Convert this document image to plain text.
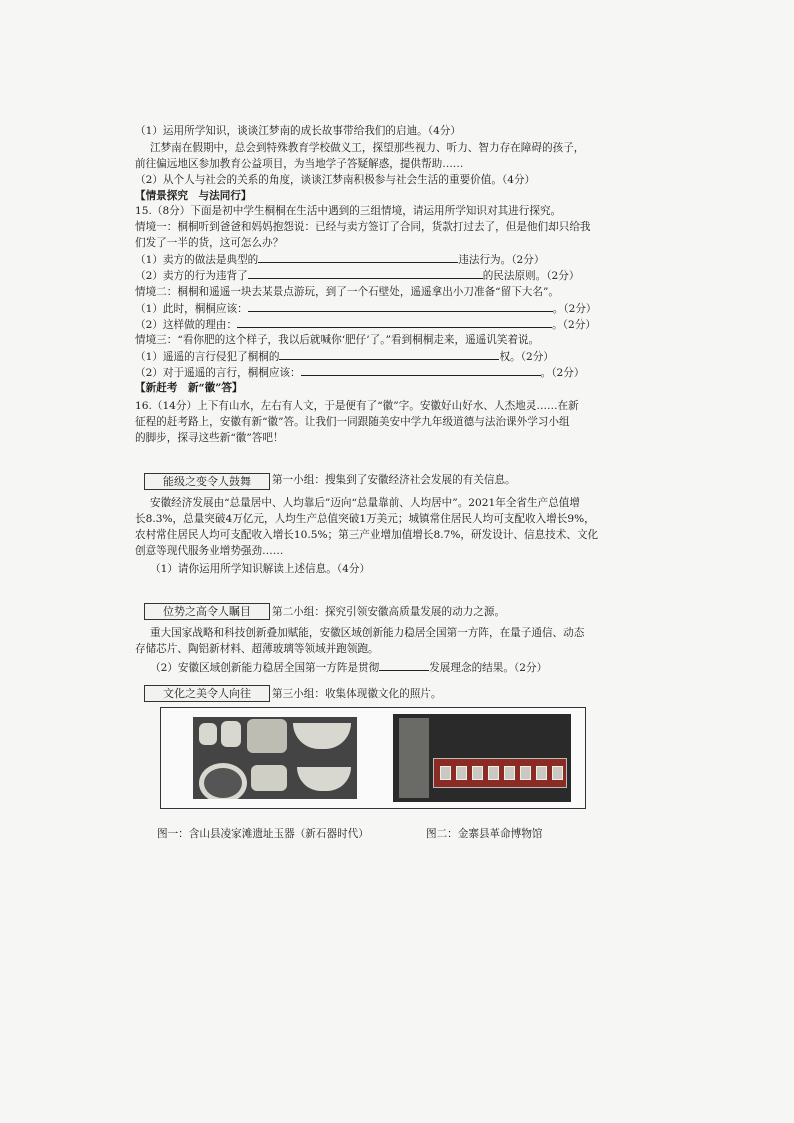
（1）运用所学知识，谈谈江梦南的成长故事带给我们的启迪。（4分）
江梦南在假期中，总会到特殊教育学校做义工，探望那些视力、听力、智力存在障碍的孩子，
前往偏远地区参加教育公益项目，为当地学子答疑解惑，提供帮助……
（2）从个人与社会的关系的角度，谈谈江梦南积极参与社会生活的重要价值。（4分）
【情景探究　与法同行】
15.（8分）下面是初中学生桐桐在生活中遇到的三组情境，请运用所学知识对其进行探究。
情境一：桐桐听到爸爸和妈妈抱怨说：已经与卖方签订了合同，货款打过去了，但是他们却只给我
们发了一半的货，这可怎么办？
（1）卖方的做法是典型的	违法行为。（2分）
（2）卖方的行为违背了	的民法原则。（2分）
情境二：桐桐和遥遥一块去某景点游玩，到了一个石壁处，遥遥拿出小刀准备“留下大名”。
（1）此时，桐桐应该：	。（2分）
（2）这样做的理由：	。（2分）
情境三：“看你肥的这个样子，我以后就喊你‘肥仔’了。”看到桐桐走来，遥遥讥笑着说。
（1）遥遥的言行侵犯了桐桐的	权。（2分）
（2）对于遥遥的言行，桐桐应该：	。（2分）
【新赶考　新“徽”答】
16.（14分）上下有山水，左右有人文，于是便有了“徽”字。安徽好山好水、人杰地灵……在新
征程的赶考路上，安徽有新“徽”答。让我们一同跟随美安中学九年级道德与法治课外学习小组
的脚步，探寻这些新“徽”答吧！
能级之变令人鼓舞	第一小组：搜集到了安徽经济社会发展的有关信息。
安徽经济发展由“总量居中、人均靠后”迈向“总量靠前、人均居中”。2021年全省生产总值增
长8.3%，总量突破4万亿元，人均生产总值突破1万美元；城镇常住居民人均可支配收入增长9%，
农村常住居民人均可支配收入增长10.5%；第三产业增加值增长8.7%，研发设计、信息技术、文化
创意等现代服务业增势强劲……
（1）请你运用所学知识解读上述信息。（4分）
位势之高令人瞩目	第二小组：探究引领安徽高质量发展的动力之源。
重大国家战略和科技创新叠加赋能，安徽区域创新能力稳居全国第一方阵，在量子通信、动态
存储芯片、陶铝新材料、超薄玻璃等领域并跑领跑。
（2）安徽区域创新能力稳居全国第一方阵是贯彻	发展理念的结果。（2分）
文化之美令人向往	第三小组：收集体现徽文化的照片。
图一：含山县凌家滩遗址玉器（新石器时代）	图二：金寨县革命博物馆
